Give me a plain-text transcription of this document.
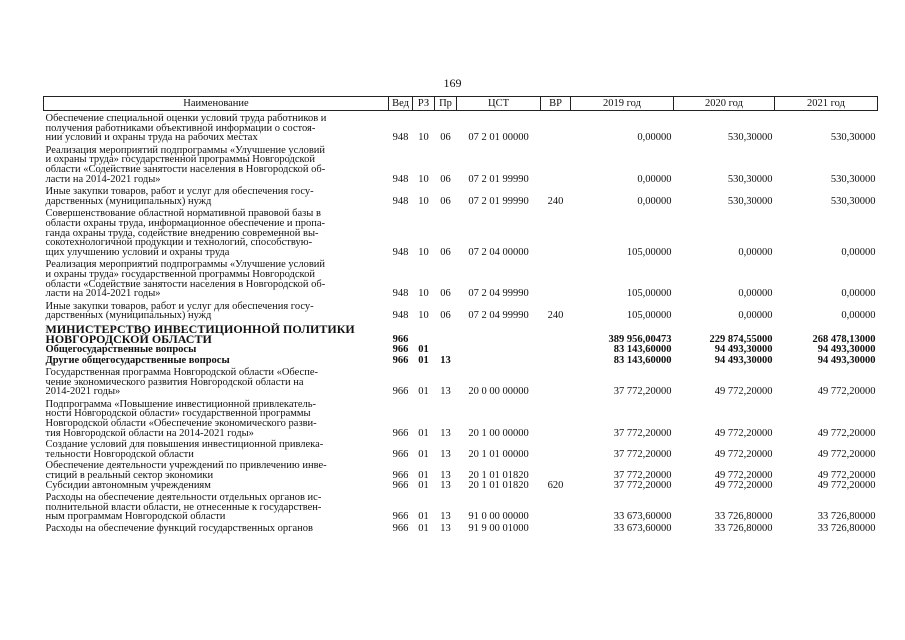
169
Наименование	Вед	РЗ	Пр	ЦСТ	ВР	2019 год	2020 год	2021 год

Обеспечение специальной оценки условий труда работников и
получения работниками объективной информации о состоя-
нии условий и охраны труда на рабочих местах	948	10	06	07 2 01 00000		0,00000	530,30000	530,30000

Реализация мероприятий подпрограммы «Улучшение условий
и охраны труда» государственной программы Новгородской
области «Содействие занятости населения в Новгородской об-
ласти на 2014-2021 годы»	948	10	06	07 2 01 99990		0,00000	530,30000	530,30000

Иные закупки товаров, работ и услуг для обеспечения госу-
дарственных (муниципальных) нужд	948	10	06	07 2 01 99990	240	0,00000	530,30000	530,30000

Совершенствование областной нормативной правовой базы в
области охраны труда, информационное обеспечение и пропа-
ганда охраны труда, содействие внедрению современной вы-
сокотехнологичной продукции и технологий, способствую-
щих улучшению условий и охраны труда	948	10	06	07 2 04 00000		105,00000	0,00000	0,00000

Реализация мероприятий подпрограммы «Улучшение условий
и охраны труда» государственной программы Новгородской
области «Содействие занятости населения в Новгородской об-
ласти на 2014-2021 годы»	948	10	06	07 2 04 99990		105,00000	0,00000	0,00000

Иные закупки товаров, работ и услуг для обеспечения госу-
дарственных (муниципальных) нужд	948	10	06	07 2 04 99990	240	105,00000	0,00000	0,00000

МИНИСТЕРСТВО ИНВЕСТИЦИОННОЙ ПОЛИТИКИ
НОВГОРОДСКОЙ ОБЛАСТИ	966					389 956,00473	229 874,55000	268 478,13000

Общегосударственные вопросы	966	01				83 143,60000	94 493,30000	94 493,30000

Другие общегосударственные вопросы	966	01	13			83 143,60000	94 493,30000	94 493,30000

Государственная программа Новгородской области «Обеспе-
чение экономического развития Новгородской области на
2014-2021 годы»	966	01	13	20 0 00 00000		37 772,20000	49 772,20000	49 772,20000

Подпрограмма «Повышение инвестиционной привлекатель-
ности Новгородской области» государственной программы
Новгородской области «Обеспечение экономического разви-
тия Новгородской области на 2014-2021 годы»	966	01	13	20 1 00 00000		37 772,20000	49 772,20000	49 772,20000

Создание условий для повышения инвестиционной привлека-
тельности Новгородской области	966	01	13	20 1 01 00000		37 772,20000	49 772,20000	49 772,20000

Обеспечение деятельности учреждений по привлечению инве-
стиций в реальный сектор экономики	966	01	13	20 1 01 01820		37 772,20000	49 772,20000	49 772,20000

Субсидии автономным учреждениям	966	01	13	20 1 01 01820	620	37 772,20000	49 772,20000	49 772,20000

Расходы на обеспечение деятельности отдельных органов ис-
полнительной власти области, не отнесенные к государствен-
ным программам Новгородской области	966	01	13	91 0 00 00000		33 673,60000	33 726,80000	33 726,80000

Расходы на обеспечение функций государственных органов	966	01	13	91 9 00 01000		33 673,60000	33 726,80000	33 726,80000
